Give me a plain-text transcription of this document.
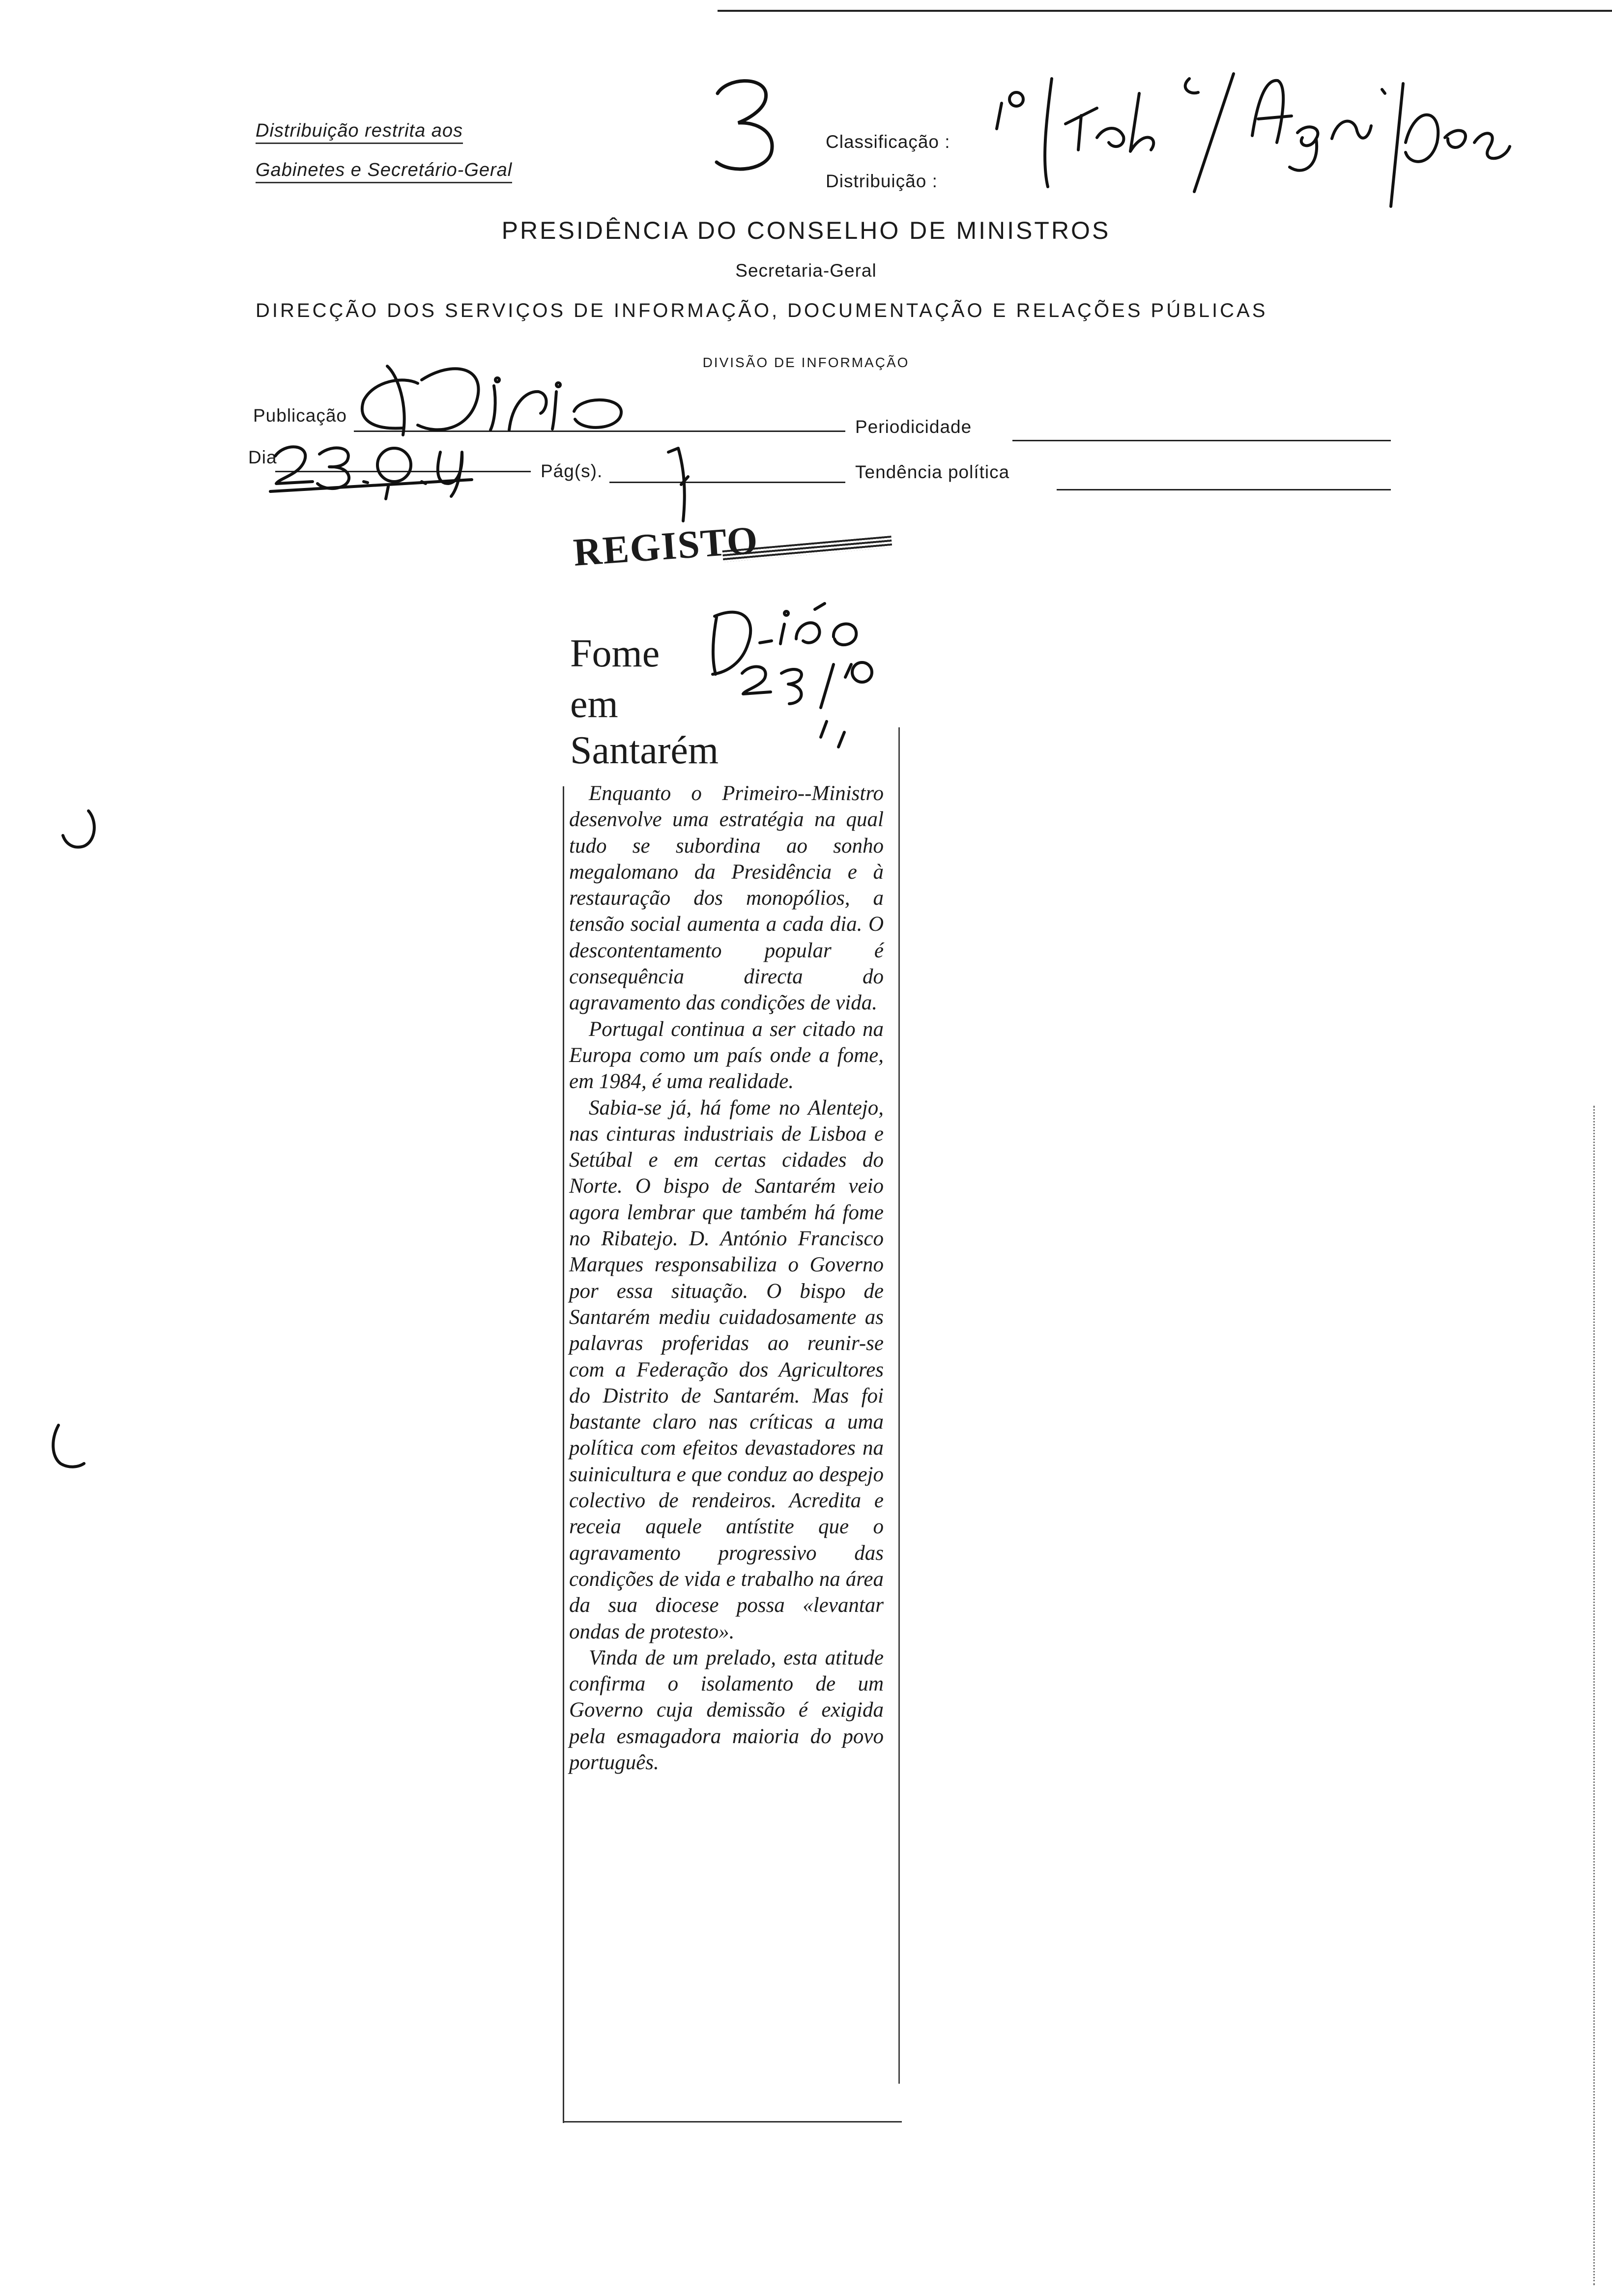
Distribuição restrita aos
Gabinetes e Secretário-Geral
Classificação :
Distribuição :
PRESIDÊNCIA DO CONSELHO DE MINISTROS
Secretaria-Geral
DIRECÇÃO DOS SERVIÇOS DE INFORMAÇÃO, DOCUMENTAÇÃO E RELAÇÕES PÚBLICAS
DIVISÃO DE INFORMAÇÃO
Publicação
Periodicidade
Dia
Pág(s).	Tendência política
REGISTO
Fome
em
Santarém

Enquanto o Primeiro--Ministro desenvolve uma estratégia na qual tudo se subordina ao sonho megalomano da Presidência e à restauração dos monopólios, a tensão social aumenta a cada dia. O descontentamento popular é consequência directa do agravamento das condições de vida.

Portugal continua a ser citado na Europa como um país onde a fome, em 1984, é uma realidade.

Sabia-se já, há fome no Alentejo, nas cinturas industriais de Lisboa e Setúbal e em certas cidades do Norte. O bispo de Santarém veio agora lembrar que também há fome no Ribatejo. D. António Francisco Marques responsabiliza o Governo por essa situação. O bispo de Santarém mediu cuidadosamente as palavras proferidas ao reunir-se com a Federação dos Agricultores do Distrito de Santarém. Mas foi bastante claro nas críticas a uma política com efeitos devastadores na suinicultura e que conduz ao despejo colectivo de rendeiros. Acredita e receia aquele antístite que o agravamento progressivo das condições de vida e trabalho na área da sua diocese possa «levantar ondas de protesto».

Vinda de um prelado, esta atitude confirma o isolamento de um Governo cuja demissão é exigida pela esmagadora maioria do povo português.
